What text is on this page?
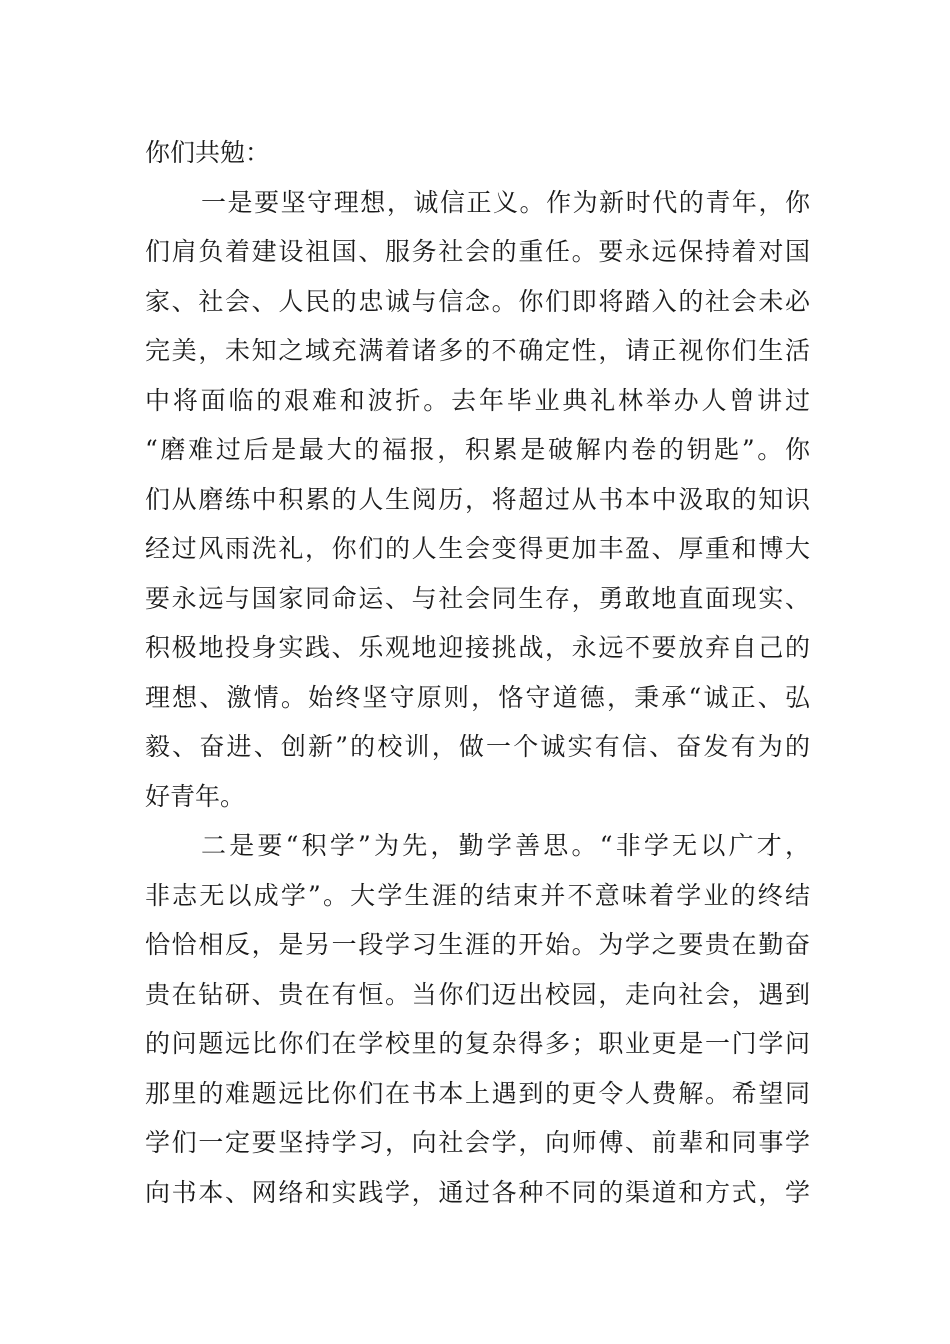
你们共勉：
一是要坚守理想，诚信正义。作为新时代的青年，你
们肩负着建设祖国、服务社会的重任。要永远保持着对国
家、社会、人民的忠诚与信念。你们即将踏入的社会未必
完美，未知之域充满着诸多的不确定性，请正视你们生活
中将面临的艰难和波折。去年毕业典礼林举办人曾讲过
“磨难过后是最大的福报，积累是破解内卷的钥匙”。你
们从磨练中积累的人生阅历，将超过从书本中汲取的知识
经过风雨洗礼，你们的人生会变得更加丰盈、厚重和博大
要永远与国家同命运、与社会同生存，勇敢地直面现实、
积极地投身实践、乐观地迎接挑战，永远不要放弃自己的
理想、激情。始终坚守原则，恪守道德，秉承“诚正、弘
毅、奋进、创新”的校训，做一个诚实有信、奋发有为的
好青年。
二是要“积学”为先，勤学善思。“非学无以广才，
非志无以成学”。大学生涯的结束并不意味着学业的终结
恰恰相反，是另一段学习生涯的开始。为学之要贵在勤奋
贵在钻研、贵在有恒。当你们迈出校园，走向社会，遇到
的问题远比你们在学校里的复杂得多；职业更是一门学问
那里的难题远比你们在书本上遇到的更令人费解。希望同
学们一定要坚持学习，向社会学，向师傅、前辈和同事学
向书本、网络和实践学，通过各种不同的渠道和方式，学
